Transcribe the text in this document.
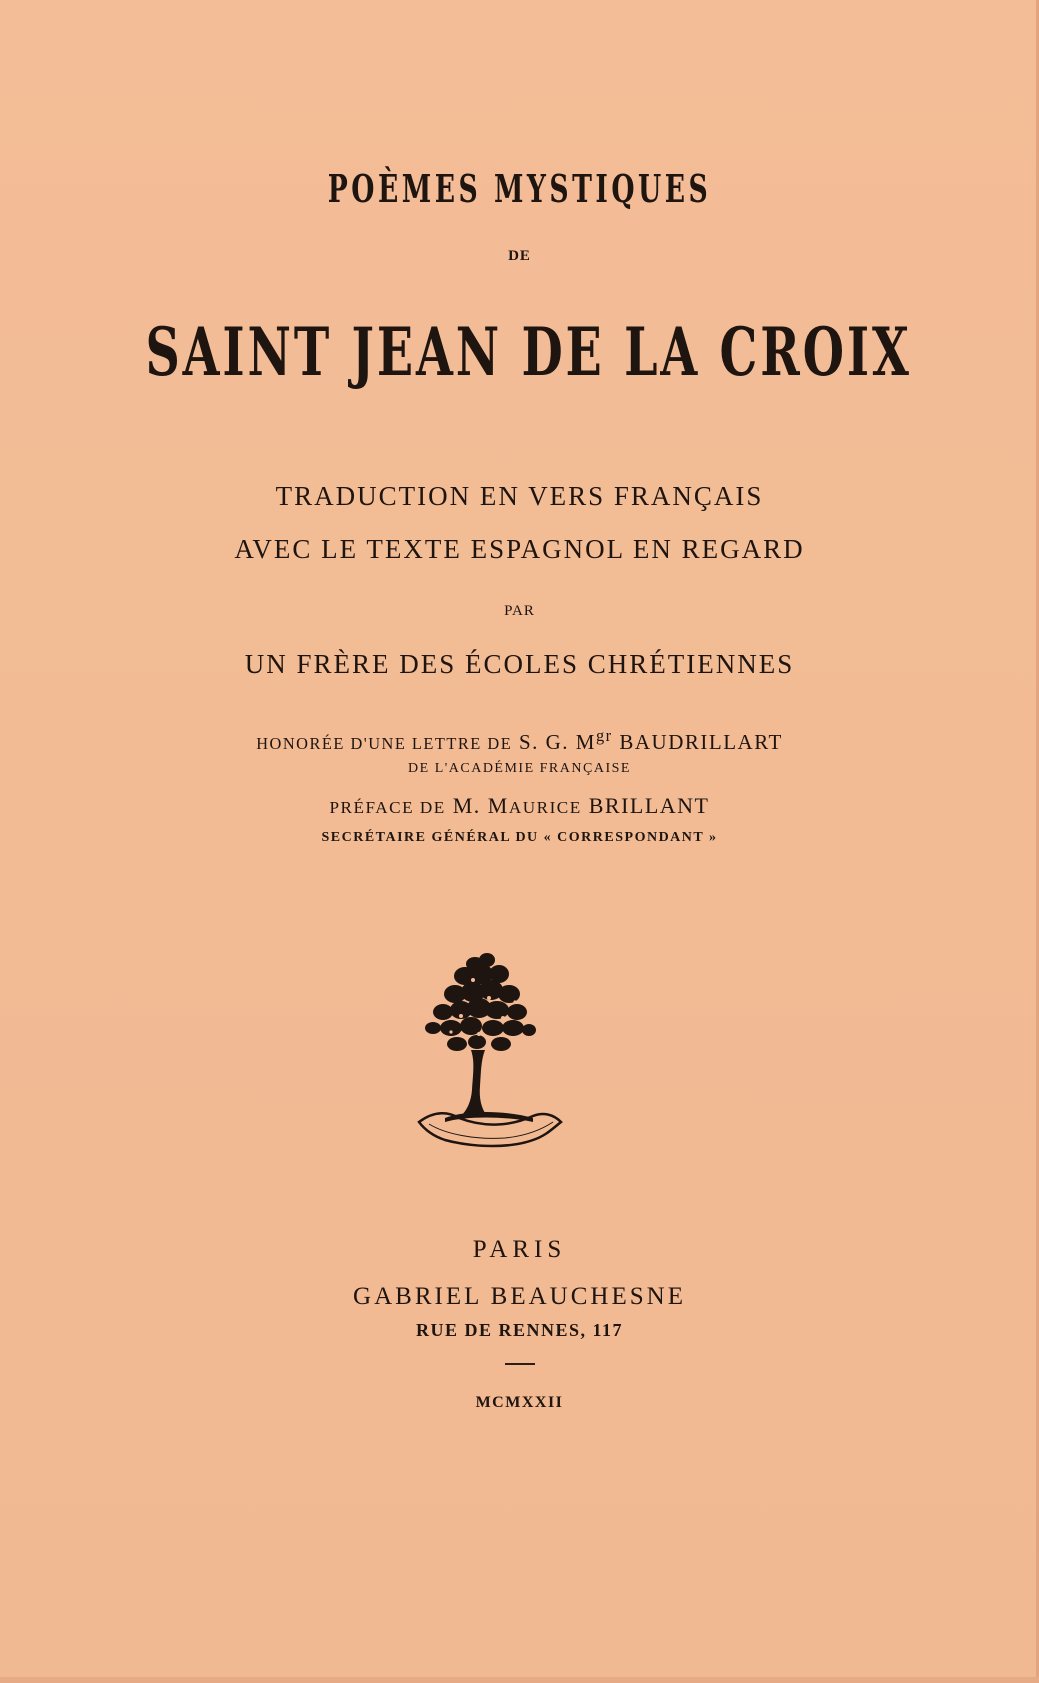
POÈMES MYSTIQUES

DE

SAINT JEAN DE LA CROIX

TRADUCTION EN VERS FRANÇAIS

AVEC LE TEXTE ESPAGNOL EN REGARD

PAR

UN FRÈRE DES ÉCOLES CHRÉTIENNES

HONORÉE D'UNE LETTRE DE S. G. $M^{gr}$ BAUDRILLART

DE L'ACADÉMIE FRANÇAISE

PRÉFACE DE M. MAURICE BRILLANT

SECRÉTAIRE GÉNÉRAL DU « CORRESPONDANT »

PARIS

GABRIEL BEAUCHESNE

RUE DE RENNES, 117

MCMXXII
